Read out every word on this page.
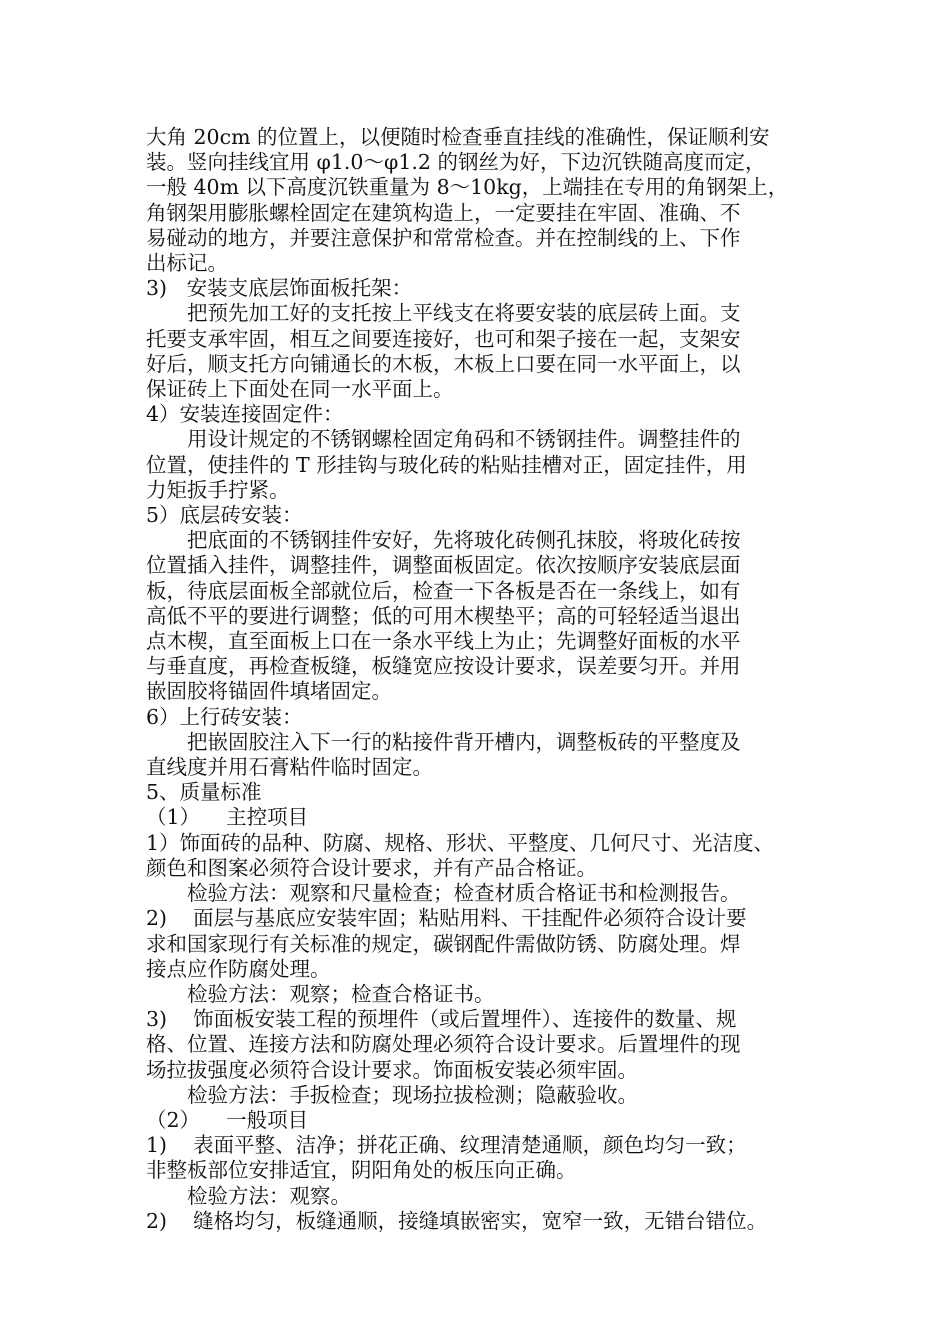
大角 20cm 的位置上，以便随时检查垂直挂线的准确性，保证顺利安

装。竖向挂线宜用 φ1.0～φ1.2 的钢丝为好，下边沉铁随高度而定，

一般 40m 以下高度沉铁重量为 8～10kg，上端挂在专用的角钢架上，

角钢架用膨胀螺栓固定在建筑构造上，一定要挂在牢固、准确、不

易碰动的地方，并要注意保护和常常检查。并在控制线的上、下作

出标记。

3)   安装支底层饰面板托架：

把预先加工好的支托按上平线支在将要安装的底层砖上面。支

托要支承牢固，相互之间要连接好，也可和架子接在一起，支架安

好后，顺支托方向铺通长的木板，木板上口要在同一水平面上，以

保证砖上下面处在同一水平面上。

4）安装连接固定件：

用设计规定的不锈钢螺栓固定角码和不锈钢挂件。调整挂件的

位置，使挂件的 T 形挂钩与玻化砖的粘贴挂槽对正，固定挂件，用

力矩扳手拧紧。

5）底层砖安装：

把底面的不锈钢挂件安好，先将玻化砖侧孔抹胶，将玻化砖按

位置插入挂件，调整挂件，调整面板固定。依次按顺序安装底层面

板，待底层面板全部就位后，检查一下各板是否在一条线上，如有

高低不平的要进行调整；低的可用木楔垫平；高的可轻轻适当退出

点木楔，直至面板上口在一条水平线上为止；先调整好面板的水平

与垂直度，再检查板缝，板缝宽应按设计要求，误差要匀开。并用

嵌固胶将锚固件填堵固定。

6）上行砖安装：

把嵌固胶注入下一行的粘接件背开槽内，调整板砖的平整度及

直线度并用石膏粘件临时固定。

5、质量标准

（1）    主控项目

1）饰面砖的品种、防腐、规格、形状、平整度、几何尺寸、光洁度、

颜色和图案必须符合设计要求，并有产品合格证。

检验方法：观察和尺量检查；检查材质合格证书和检测报告。

2)    面层与基底应安装牢固；粘贴用料、干挂配件必须符合设计要

求和国家现行有关标准的规定，碳钢配件需做防锈、防腐处理。焊

接点应作防腐处理。

检验方法：观察；检查合格证书。

3)    饰面板安装工程的预埋件（或后置埋件）、连接件的数量、规

格、位置、连接方法和防腐处理必须符合设计要求。后置埋件的现

场拉拔强度必须符合设计要求。饰面板安装必须牢固。

检验方法：手扳检查；现场拉拔检测；隐蔽验收。

（2）    一般项目

1)    表面平整、洁净；拼花正确、纹理清楚通顺，颜色均匀一致；

非整板部位安排适宜，阴阳角处的板压向正确。

检验方法：观察。

2)    缝格均匀，板缝通顺，接缝填嵌密实，宽窄一致，无错台错位。
